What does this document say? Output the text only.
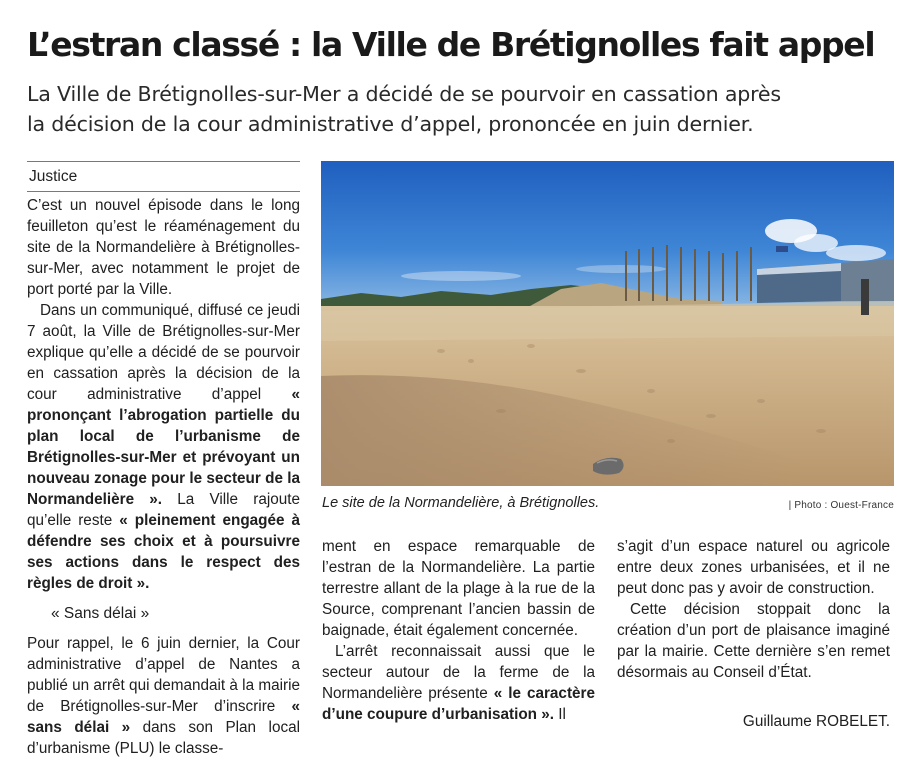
L’estran classé : la Ville de Brétignolles fait appel
La Ville de Brétignolles-sur-Mer a décidé de se pourvoir en cassation après
la décision de la cour administrative d’appel, prononcée en juin dernier.
Justice

C’est un nouvel épisode dans le long feuilleton qu’est le réaménagement du site de la Normandelière à Brétignolles-sur-Mer, avec notamment le projet de port porté par la Ville.

Dans un communiqué, diffusé ce jeudi 7 août, la Ville de Brétignolles-sur-Mer explique qu’elle a décidé de se pourvoir en cassation après la décision de la cour administrative d’appel « prononçant l’abrogation partielle du plan local de l’urbanisme de Brétignolles-sur-Mer et prévoyant un nouveau zonage pour le secteur de la Normandelière ». La Ville rajoute qu’elle reste « pleinement engagée à défendre ses choix et à poursuivre ses actions dans le respect des règles de droit ».

« Sans délai »

Pour rappel, le 6 juin dernier, la Cour administrative d’appel de Nantes a publié un arrêt qui demandait à la mairie de Brétignolles-sur-Mer d’inscrire « sans délai » dans son Plan local d’urbanisme (PLU) le classe-

Le site de la Normandelière, à Brétignolles.	| Photo : Ouest-France

ment en espace remarquable de l’estran de la Normandelière. La partie terrestre allant de la plage à la rue de la Source, comprenant l’ancien bassin de baignade, était également concernée.

L’arrêt reconnaissait aussi que le secteur autour de la ferme de la Normandelière présente « le caractère d’une coupure d’urbanisation ». Il

s’agit d’un espace naturel ou agricole entre deux zones urbanisées, et il ne peut donc pas y avoir de construction.

Cette décision stoppait donc la création d’un port de plaisance imaginé par la mairie. Cette dernière s’en remet désormais au Conseil d’État.

Guillaume ROBELET.
